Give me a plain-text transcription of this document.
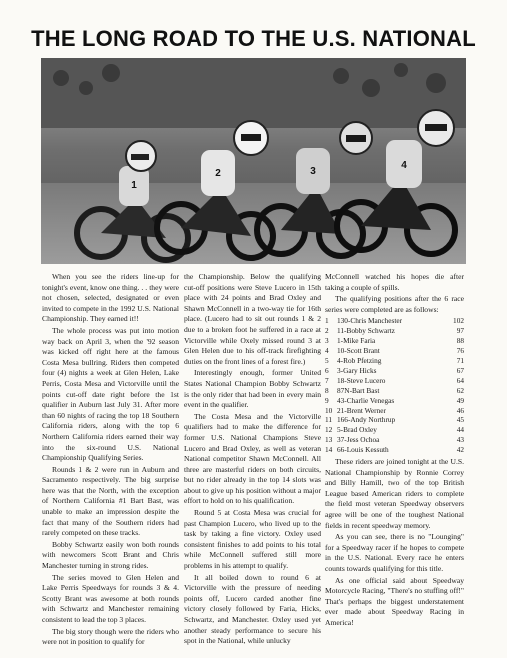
THE LONG ROAD TO THE U.S. NATIONAL
1
2	3
4

When you see the riders line-up for tonight's event, know one thing. . . they were not chosen, selected, designated or even invited to compete in the 1992 U.S. National Championship. They earned it!!

The whole process was put into motion way back on April 3, when the '92 season was kicked off right here at the famous Costa Mesa bullring. Riders then competed four (4) nights a week at Glen Helen, Lake Perris, Costa Mesa and Victorville until the points cut-off date right before the 1st qualifier in Auburn last July 31. After more than 60 nights of racing the top 18 Southern California riders, along with the top 6 Northern California riders earned their way into the six-round U.S. National Championship Qualifying Series.

Rounds 1 & 2 were run in Auburn and Sacramento respectively. The big surprise here was that the North, with the exception of Northern California #1 Bart Bast, was unable to make an impression despite the fact that many of the Southern riders had rarely competed on these tracks.

Bobby Schwartz easily won both rounds with newcomers Scott Brant and Chris Manchester turning in strong rides.

The series moved to Glen Helen and Lake Perris Speedways for rounds 3 & 4. Scotty Brant was awesome at both rounds with Schwartz and Manchester remaining consistent to lead the top 3 places.

The big story though were the riders who were not in position to qualify for

the Championship. Below the qualifying cut-off positions were Steve Lucero in 15th place with 24 points and Brad Oxley and Shawn McConnell in a two-way tie for 16th place. (Lucero had to sit out rounds 1 & 2 due to a broken foot he suffered in a race at Victorville while Oxely missed round 3 at Glen Helen due to his off-track firefighting duties on the front lines of a forest fire.)

Interestingly enough, former United States National Champion Bobby Schwartz is the only rider that had been in every main event in the qualifier.

The Costa Mesa and the Victorville qualifiers had to make the difference for former U.S. National Champions Steve Lucero and Brad Oxley, as well as veteran National competitor Shawn McConnell. All three are masterful riders on both circuits, but no rider already in the top 14 slots was about to give up his position without a major effort to hold on to his qualification.

Round 5 at Costa Mesa was crucial for past Champion Lucero, who lived up to the task by taking a fine victory. Oxley used consistent finishes to add points to his total while McConnell suffered still more problems in his attempt to qualify.

It all boiled down to round 6 at Victorville with the pressure of needing points off, Lucero carded another fine victory closely followed by Faria, Hicks, Schwartz, and Manchester. Oxley used yet another steady performance to secure his spot in the National, while unlucky

McConnell watched his hopes die after taking a couple of spills.

The qualifying positions after the 6 race series were completed are as follows:

1	130-Chris Manchester	102
2	11-Bobby Schwartz	97
3	1-Mike Faria	88
4	10-Scott Brant	76
5	4-Rob Pfetzing	71
6	3-Gary Hicks	67
7	18-Steve Lucero	64
8	87N-Bart Bast	62
9	43-Charlie Venegas	49
10 21-Brent Werner	46
11 166-Andy Northrup	45
12 5-Brad Oxley	44
13 37-Jess Ochoa	43
14 66-Louis Kessuth	42

These riders are joined tonight at the U.S. National Championship by Ronnie Correy and Billy Hamill, two of the top British League based American riders to complete the field most veteran Speedway observers agree will be one of the toughest National fields in recent speedway memory.

As you can see, there is no "Lounging" for a Speedway racer if he hopes to compete in the U.S. National. Every race he enters counts towards qualifying for this title.

As one official said about Speedway Motorcycle Racing, "There's no stuffing off!" That's perhaps the biggest understatement ever made about Speedway Racing in America!
